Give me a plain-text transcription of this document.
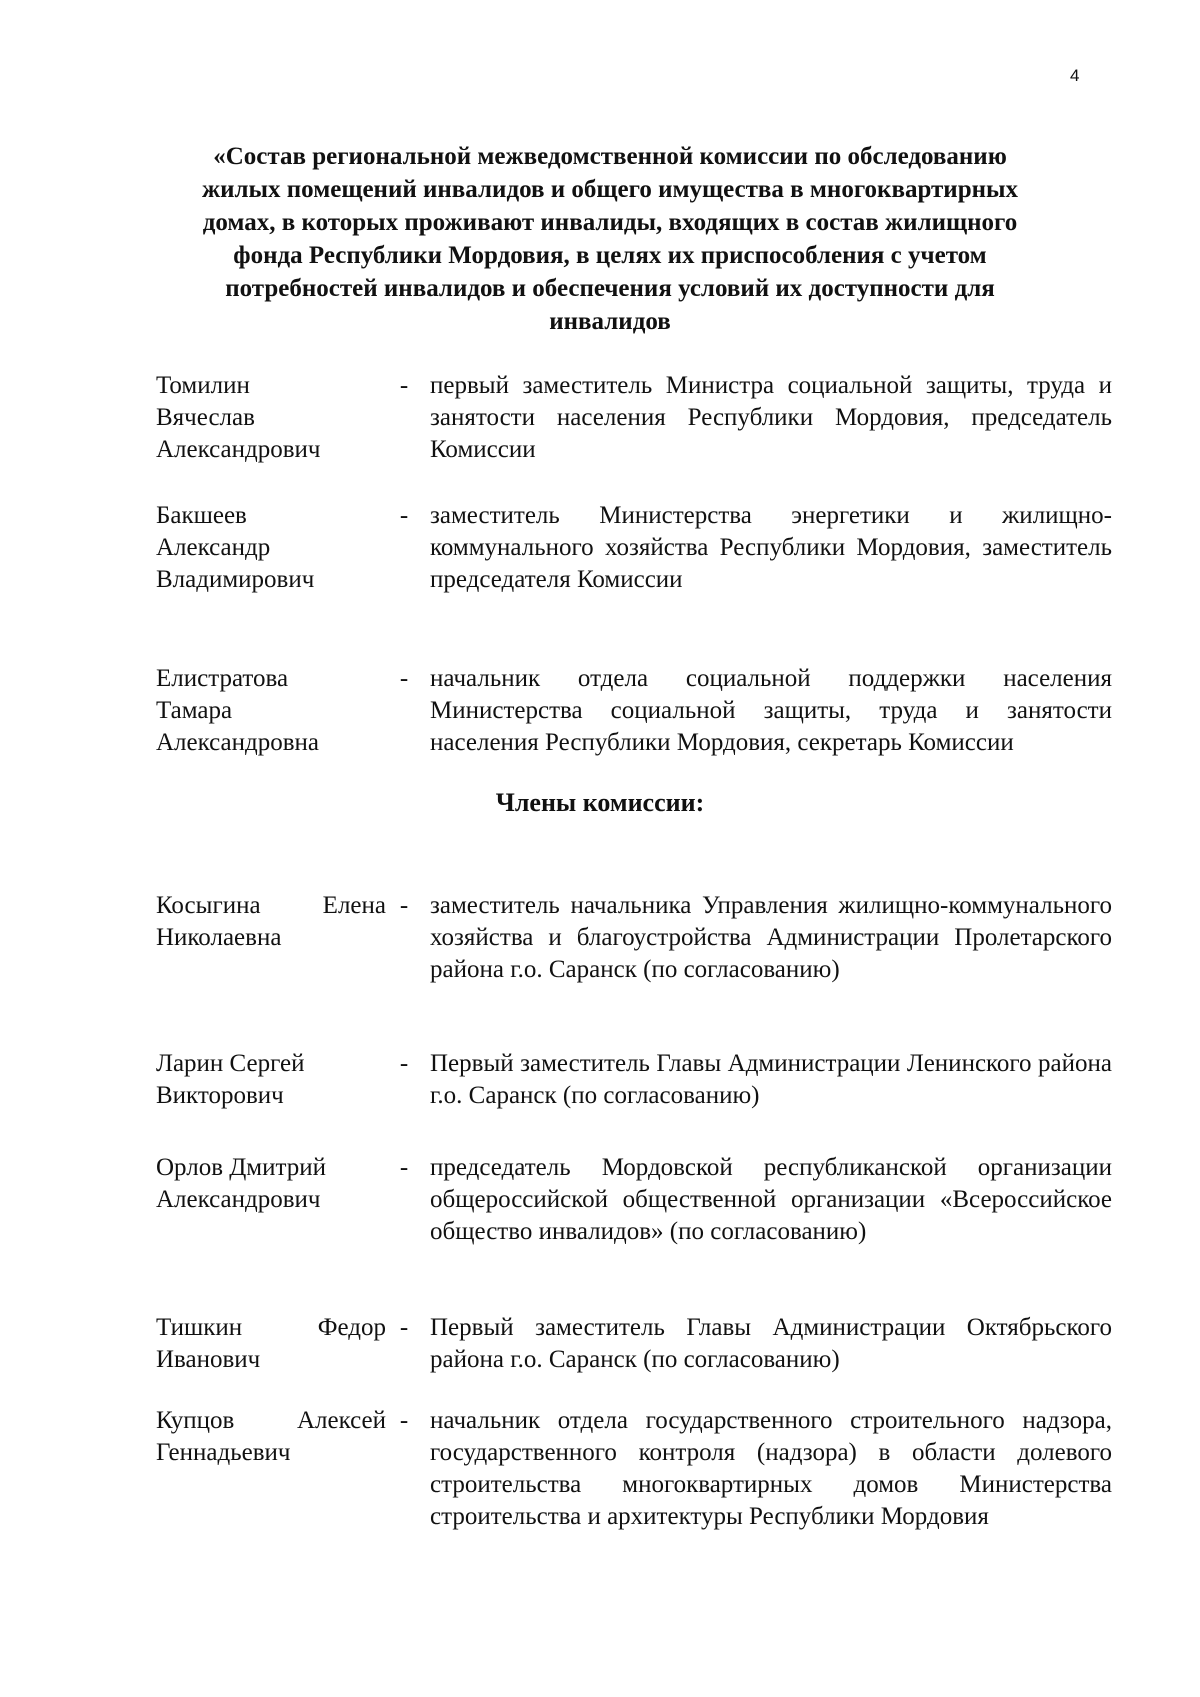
4
«Состав региональной межведомственной комиссии по обследованию
жилых помещений инвалидов и общего имущества в многоквартирных
домах, в которых проживают инвалиды, входящих в состав жилищного
фонда Республики Мордовия, в целях их приспособления с учетом
потребностей инвалидов и обеспечения условий их доступности для
инвалидов
Томилин
Вячеслав
Александрович
- первый заместитель Министра социальной защиты, труда и занятости населения Республики Мордовия, председатель Комиссии
Бакшеев
Александр
Владимирович
- заместитель Министерства энергетики и жилищно-коммунального хозяйства Республики Мордовия, заместитель председателя Комиссии
Елистратова
Тамара
Александровна
- начальник отдела социальной поддержки населения Министерства социальной защиты, труда и занятости населения Республики Мордовия, секретарь Комиссии
Члены комиссии:
Косыгина Елена
Николаевна
- заместитель начальника Управления жилищно-коммунального хозяйства и благоустройства Администрации Пролетарского района г.о. Саранск (по согласованию)
Ларин Сергей
Викторович
- Первый заместитель Главы Администрации Ленинского района г.о. Саранск (по согласованию)
Орлов Дмитрий
Александрович
- председатель Мордовской республиканской организации общероссийской общественной организации «Всероссийское общество инвалидов» (по согласованию)
Тишкин Федор
Иванович
- Первый заместитель Главы Администрации Октябрьского района г.о. Саранск (по согласованию)
Купцов Алексей
Геннадьевич
- начальник отдела государственного строительного надзора, государственного контроля (надзора) в области долевого строительства многоквартирных домов Министерства строительства и архитектуры Республики Мордовия
